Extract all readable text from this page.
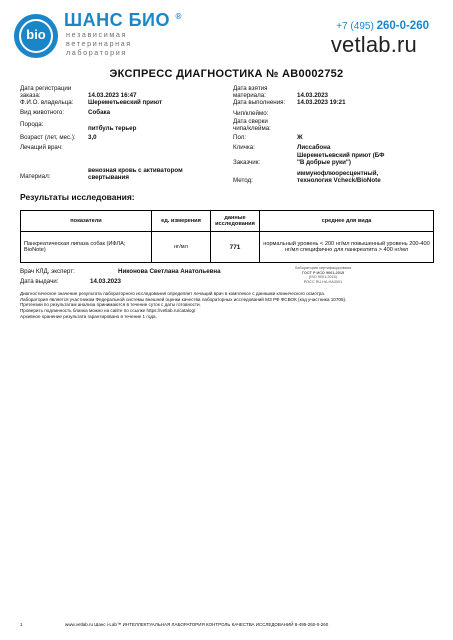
bio
ШАНС БИО ®
независимая
ветеринарная
лаборатория
+7 (495) 260-0-260
vetlab.ru
ЭКСПРЕСС ДИАГНОСТИКА № AB0002752
Дата регистрации
заказа:	14.03.2023 16:47
Ф.И.О. владельца: Шереметьевский приют
Вид животного:	Собака
Порода:
питбуль терьер
Возраст (лет, мес.): 3,0
Лечащий врач:
Материал:
венозная кровь с активатором
свертывания
Дата взятия
материала:	14.03.2023
Дата выполнения: 14.03.2023 19:21
Чип/клеймо:
Дата сверки
чипа/клейма:
Пол:	Ж
Кличка:	Лиссабона
Заказчик:
Шереметьевский приют (БФ
"В добрые руки")
Метод:
иммунофлюоресцентный,
технология Vcheck/BioNote
Результаты исследования:
показатели	ед. измерения	данные исследования	среднее для вида
Панкреатическая липаза собак (ИФЛА; BioNote)	нг/мл	771	нормальный уровень < 200 нг/мл повышенный уровень 200-400 нг/мл специфично для панкреатита > 400 нг/мл
Врач КЛД, эксперт:	Никонова Светлана Анатольевна
Дата выдачи:	14.03.2023
Лаборатория сертифицирована
ГОСТ Р ИСО 9001-2015
(ISO 9001:2015)
РОСС RU.HA.НА0001
Диагностическое значение результата лабораторного исследования определяет лечащий врач в комплексе с данными клинического осмотра.
Лаборатория является участником Федеральной системы внешней оценки качества лабораторных исследований МЗ РФ ФСВОК (код участника 10705). Претензии по результатам анализа принимаются в течение суток с даты готовности.
Проверить подлинность бланка можно на сайте по ссылке https://vetlab.ru/catalog/
Архивное хранение результата гарантировано в течение 1 года.
1	www.vetlab.ru Шанс i-Lab™ ИНТЕЛЛЕКТУАЛЬНАЯ ЛАБОРАТОРИЯ КОНТРОЛЬ КАЧЕСТВА ИССЛЕДОВАНИЙ 8-495-260-0-260
